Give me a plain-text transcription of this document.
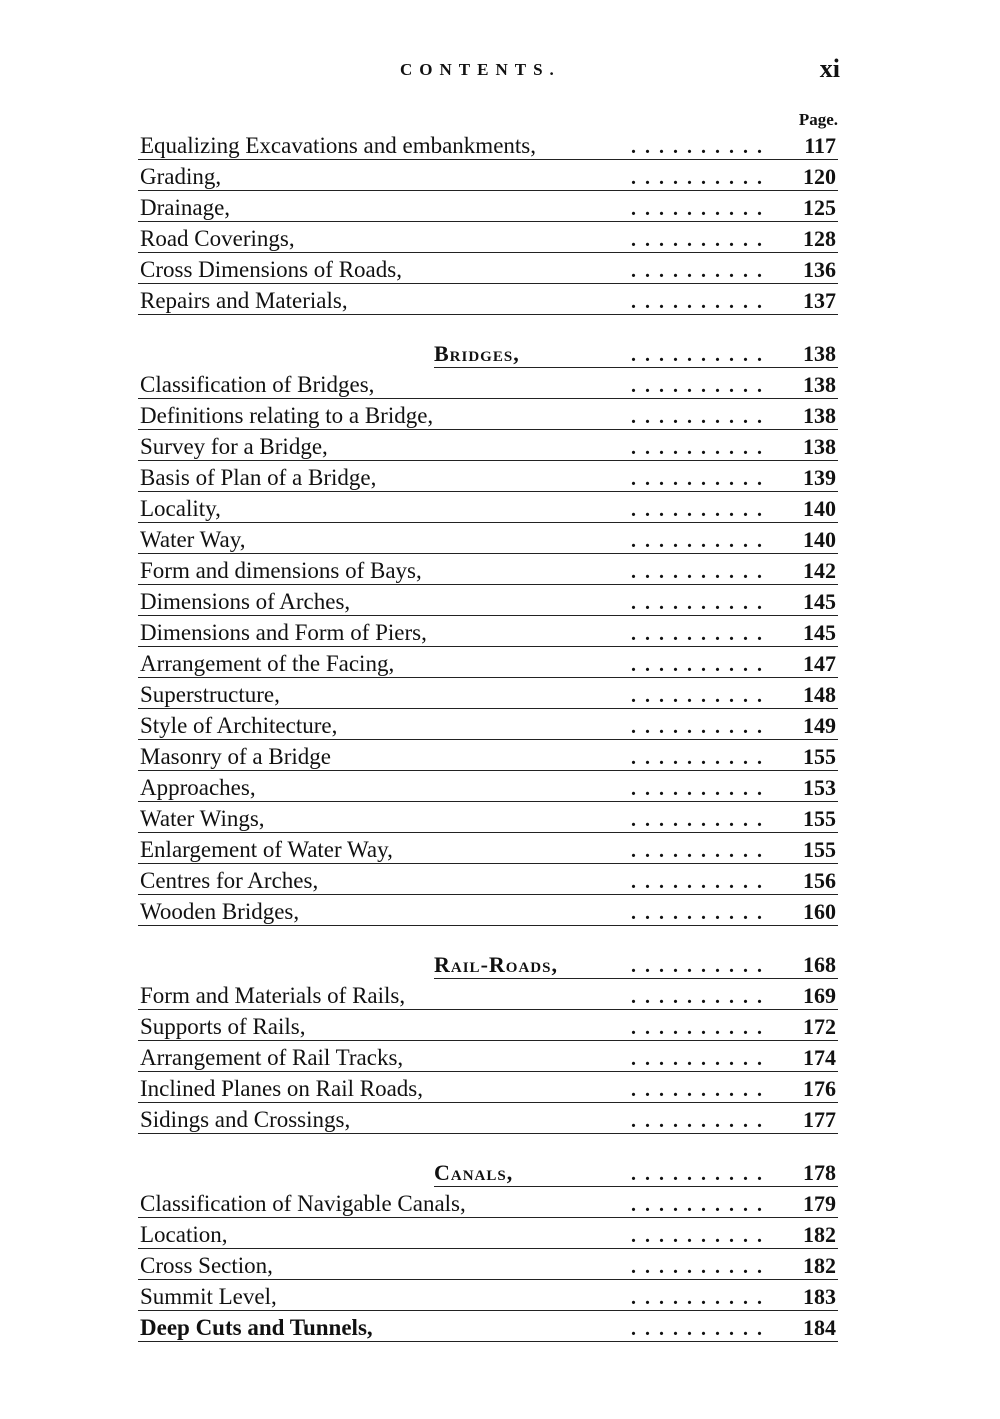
CONTENTS.	xi
Page.
Equalizing Excavations and embankments,	. . . . . . . . . .	117
Grading,	. . . . . . . . . .	120
Drainage,	. . . . . . . . . .	125
Road Coverings,	. . . . . . . . . .	128
Cross Dimensions of Roads,	. . . . . . . . . .	136
Repairs and Materials,	. . . . . . . . . .	137
Bridges,	. . . . . . . . . .	138
Classification of Bridges,	. . . . . . . . . .	138
Definitions relating to a Bridge,	. . . . . . . . . .	138
Survey for a Bridge,	. . . . . . . . . .	138
Basis of Plan of a Bridge,	. . . . . . . . . .	139
Locality,	. . . . . . . . . .	140
Water Way,	. . . . . . . . . .	140
Form and dimensions of Bays,	. . . . . . . . . .	142
Dimensions of Arches,	. . . . . . . . . .	145
Dimensions and Form of Piers,	. . . . . . . . . .	145
Arrangement of the Facing,	. . . . . . . . . .	147
Superstructure,	. . . . . . . . . .	148
Style of Architecture,	. . . . . . . . . .	149
Masonry of a Bridge	. . . . . . . . . .	155
Approaches,	. . . . . . . . . .	153
Water Wings,	. . . . . . . . . .	155
Enlargement of Water Way,	. . . . . . . . . .	155
Centres for Arches,	. . . . . . . . . .	156
Wooden Bridges,	. . . . . . . . . .	160
Rail-Roads,	. . . . . . . . . .	168
Form and Materials of Rails,	. . . . . . . . . .	169
Supports of Rails,	. . . . . . . . . .	172
Arrangement of Rail Tracks,	. . . . . . . . . .	174
Inclined Planes on Rail Roads,	. . . . . . . . . .	176
Sidings and Crossings,	. . . . . . . . . .	177
Canals,	. . . . . . . . . .	178
Classification of Navigable Canals,	. . . . . . . . . .	179
Location,	. . . . . . . . . .	182
Cross Section,	. . . . . . . . . .	182
Summit Level,	. . . . . . . . . .	183
Deep Cuts and Tunnels,	. . . . . . . . . .	184
